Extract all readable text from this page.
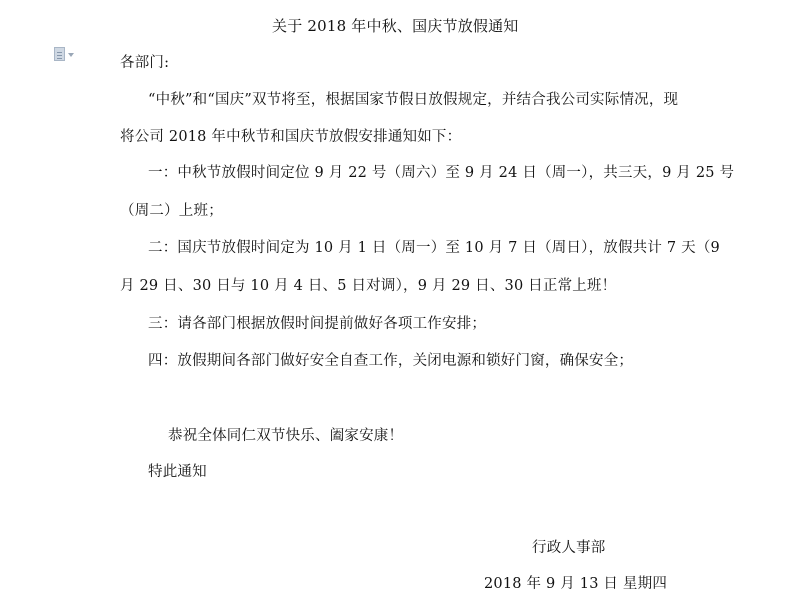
关于 2018 年中秋、国庆节放假通知
各部门:
“中秋”和“国庆”双节将至，根据国家节假日放假规定，并结合我公司实际情况，现
将公司 2018 年中秋节和国庆节放假安排通知如下：
一：中秋节放假时间定位 9 月 22 号（周六）至 9 月 24 日（周一），共三天，9 月 25 号
（周二）上班；
二：国庆节放假时间定为 10 月 1 日（周一）至 10 月 7 日（周日），放假共计 7 天（9
月 29 日、30 日与 10 月 4 日、5 日对调），9 月 29 日、30 日正常上班！
三：请各部门根据放假时间提前做好各项工作安排；
四：放假期间各部门做好安全自查工作，关闭电源和锁好门窗，确保安全；
恭祝全体同仁双节快乐、阖家安康！
特此通知
行政人事部
2018 年 9 月 13 日 星期四
